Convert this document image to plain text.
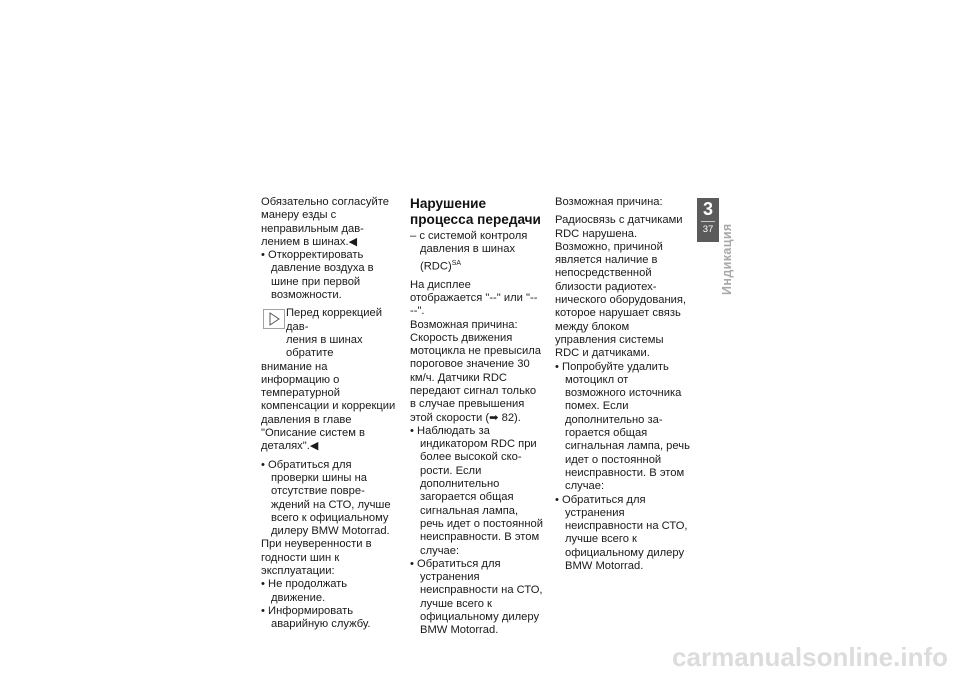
Обязательно согласуйте манеру езды с неправильным давлением в шинах.◀

• Откорректировать давление воздуха в шине при первой возможности.

Перед коррекцией дав-

ления в шинах обратите

внимание на информацию о температурной компенсации и коррекции давления в главе "Описание систем в деталях".◀

• Обратиться для проверки шины на отсутствие повреждений на СТО, лучше всего к официальному дилеру BMW Motorrad.

При неуверенности в годности шин к эксплуатации:

• Не продолжать движение.

• Информировать аварийную службу.

Нарушение процесса передачи

– с системой контроля давления в шинах (RDC)$^{SA}$

На дисплее отображается "--" или "-- --".

Возможная причина:

Скорость движения мотоцикла не превысила пороговое значение 30 км/ч. Датчики RDC передают сигнал только в случае превышения этой скорости (➡ 82).

• Наблюдать за индикатором RDC при более высокой скорости. Если дополнительно загорается общая сигнальная лампа, речь идет о постоянной неисправности. В этом случае:

• Обратиться для устранения неисправности на СТО, лучше всего к официальному дилеру BMW Motorrad.

Возможная причина:

Радиосвязь с датчиками RDC нарушена. Возможно, причиной является наличие в непосредственной близости радиотехнического оборудования, которое нарушает связь между блоком управления системы RDC и датчиками.

• Попробуйте удалить мотоцикл от возможного источника помех. Если дополнительно загорается общая сигнальная лампа, речь идет о постоянной неисправности. В этом случае:

• Обратиться для устранения неисправности на СТО, лучше всего к официальному дилеру BMW Motorrad.

3
37 Индикация
carmanualsonline.info
